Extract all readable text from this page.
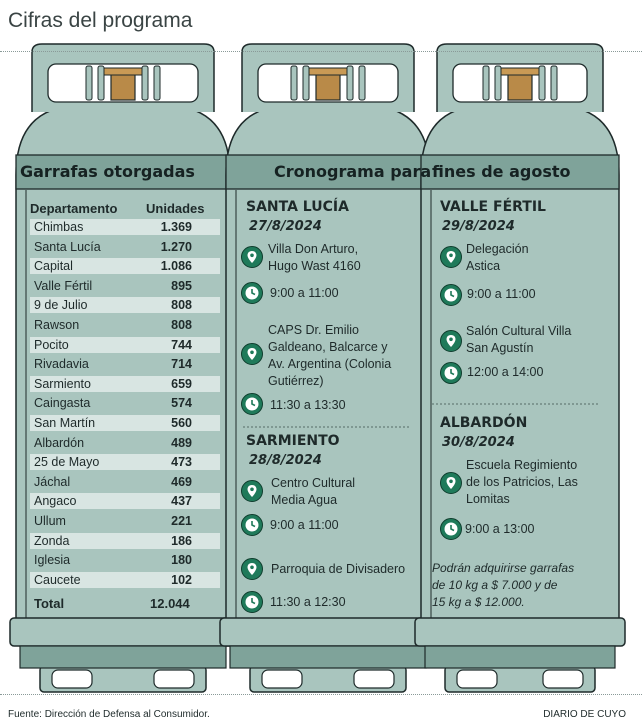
Cifras del programa
Garrafas otorgadas	Cronograma para fines de agosto
Departamento Unidades
Chimbas	1.369
Santa Lucía	1.270
Capital	1.086
Valle Fértil	895
9 de Julio	808
Rawson	808
Pocito	744
Rivadavia	714
Sarmiento	659
Caingasta	574
San Martín	560
Albardón	489
25 de Mayo	473
Jáchal	469
Angaco	437
Ullum	221
Zonda	186
Iglesia	180
Caucete	102
Total	12.044
SANTA LUCÍA
27/8/2024
Villa Don Arturo,
Hugo Wast 4160
9:00 a 11:00
CAPS Dr. Emilio
Galdeano, Balcarce y
Av. Argentina (Colonia
Gutiérrez)
11:30 a 13:30
SARMIENTO
28/8/2024
Centro Cultural
Media Agua
9:00 a 11:00
Parroquia de Divisadero
11:30 a 12:30
VALLE FÉRTIL
29/8/2024
Delegación
Astica
9:00 a 11:00
Salón Cultural Villa
San Agustín
12:00 a 14:00
ALBARDÓN
30/8/2024
Escuela Regimiento
de los Patricios, Las
Lomitas
9:00 a 13:00
Podrán adquirirse garrafas
de 10 kg a $ 7.000 y de
15 kg a $ 12.000.
Fuente: Dirección de Defensa al Consumidor.	DIARIO DE CUYO
